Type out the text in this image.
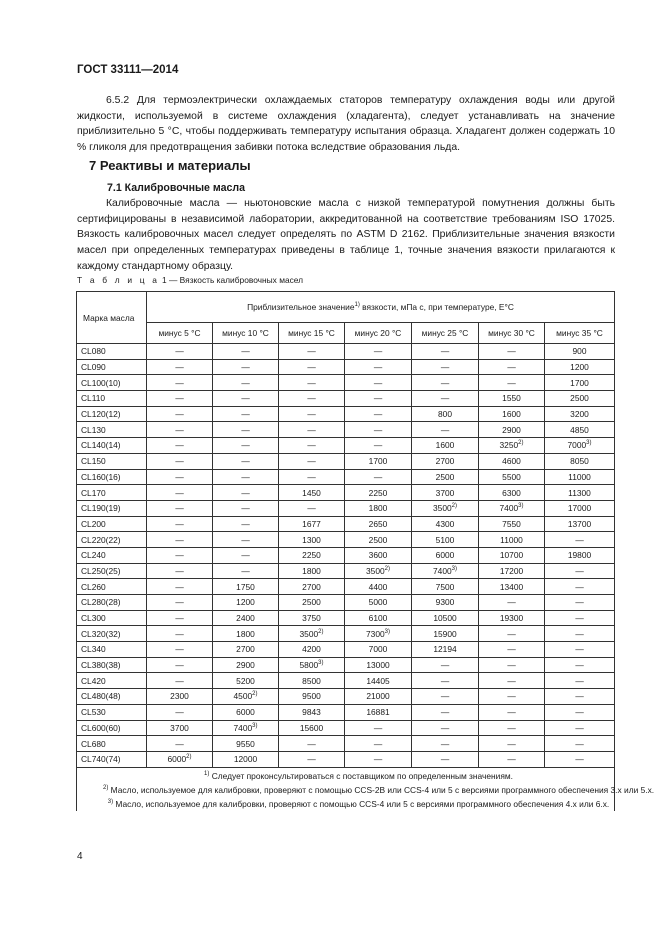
ГОСТ 33111—2014
6.5.2 Для термоэлектрически охлаждаемых статоров температуру охлаждения воды или другой жидкости, используемой в системе охлаждения (хладагента), следует устанавливать на значение приблизительно 5 °С, чтобы поддерживать температуру испытания образца. Хладагент должен содержать 10 % гликоля для предотвращения забивки потока вследствие образования льда.
7 Реактивы и материалы
7.1 Калибровочные масла
Калибровочные масла — ньютоновские масла с низкой температурой помутнения должны быть сертифицированы в независимой лаборатории, аккредитованной на соответствие требованиям ISO 17025. Вязкость калибровочных масел следует определять по ASTM D 2162. Приблизительные значения вязкости масел при определенных температурах приведены в таблице 1, точные значения вязкости прилагаются к каждому стандартному образцу.
Т а б л и ц а 1 — Вязкость калибровочных масел
Марка масла	Приблизительное значение$^{1)}$ вязкости, мПа с, при температуре, Е°С						
	минус 5 °С	минус 10 °С	минус 15 °С	минус 20 °С	минус 25 °С	минус 30 °С	минус 35 °С
CL080	—	—	—	—	—	—	900
CL090	—	—	—	—	—	—	1200
CL100(10)	—	—	—	—	—	—	1700
CL110	—	—	—	—	—	1550	2500
CL120(12)	—	—	—	—	800	1600	3200
CL130	—	—	—	—	—	2900	4850
CL140(14)	—	—	—	—	1600	3250$^{2)}$	7000$^{3)}$
CL150	—	—	—	1700	2700	4600	8050
CL160(16)	—	—	—	—	2500	5500	11000
CL170	—	—	1450	2250	3700	6300	11300
CL190(19)	—	—	—	1800	3500$^{2)}$	7400$^{3)}$	17000
CL200	—	—	1677	2650	4300	7550	13700
CL220(22)	—	—	1300	2500	5100	11000	—
CL240	—	—	2250	3600	6000	10700	19800
CL250(25)	—	—	1800	3500$^{2)}$	7400$^{3)}$	17200	—
CL260	—	1750	2700	4400	7500	13400	—
CL280(28)	—	1200	2500	5000	9300	—	—
CL300	—	2400	3750	6100	10500	19300	—
CL320(32)	—	1800	3500$^{2)}$	7300$^{3)}$	15900	—	—
CL340	—	2700	4200	7000	12194	—	—
CL380(38)	—	2900	5800$^{3)}$	13000	—	—	—
CL420	—	5200	8500	14405	—	—	—
CL480(48)	2300	4500$^{2)}$	9500	21000	—	—	—
CL530	—	6000	9843	16881	—	—	—
CL600(60)	3700	7400$^{3)}$	15600	—	—	—	—
CL680	—	9550	—	—	—	—	—
CL740(74)	6000$^{2)}$	12000	—	—	—	—	—

$^{1)}$ Следует проконсультироваться с поставщиком по определенным значениям.
$^{2)}$ Масло, используемое для калибровки, проверяют с помощью CCS-2B или CCS-4 или 5 с версиями программного обеспечения 3.х или 5.х.
$^{3)}$ Масло, используемое для калибровки, проверяют с помощью CCS-4 или 5 с версиями программного обеспечения 4.х или 6.х.							
4
